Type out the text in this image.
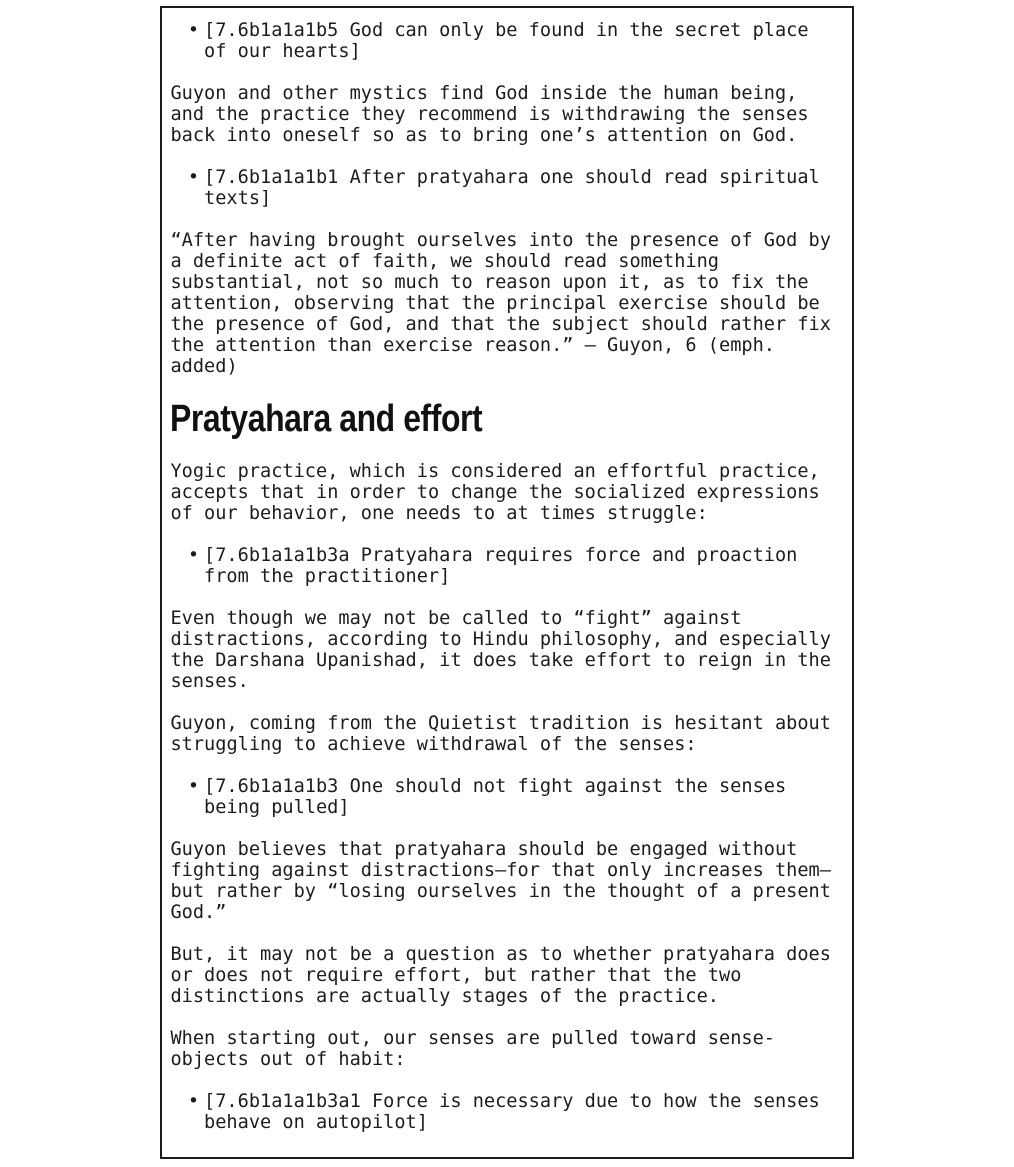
• [7.6b1a1a1b5 God can only be found in the secret place of our hearts]

Guyon and other mystics find God inside the human being, and the practice they recommend is withdrawing the senses back into oneself so as to bring one’s attention on God.

• [7.6b1a1a1b1 After pratyahara one should read spiritual texts]

“After having brought ourselves into the presence of God by a definite act of faith, we should read something substantial, not so much to reason upon it, as to fix the attention, observing that the principal exercise should be the presence of God, and that the subject should rather fix the attention than exercise reason.” — Guyon, 6 (emph. added)

Pratyahara and effort

Yogic practice, which is considered an effortful practice, accepts that in order to change the socialized expressions of our behavior, one needs to at times struggle:

• [7.6b1a1a1b3a Pratyahara requires force and proaction from the practitioner]

Even though we may not be called to “fight” against distractions, according to Hindu philosophy, and especially the Darshana Upanishad, it does take effort to reign in the senses.

Guyon, coming from the Quietist tradition is hesitant about struggling to achieve withdrawal of the senses:

• [7.6b1a1a1b3 One should not fight against the senses being pulled]

Guyon believes that pratyahara should be engaged without fighting against distractions—for that only increases them—but rather by “losing ourselves in the thought of a present God.”

But, it may not be a question as to whether pratyahara does or does not require effort, but rather that the two distinctions are actually stages of the practice.

When starting out, our senses are pulled toward sense-objects out of habit:

• [7.6b1a1a1b3a1 Force is necessary due to how the senses behave on autopilot]
